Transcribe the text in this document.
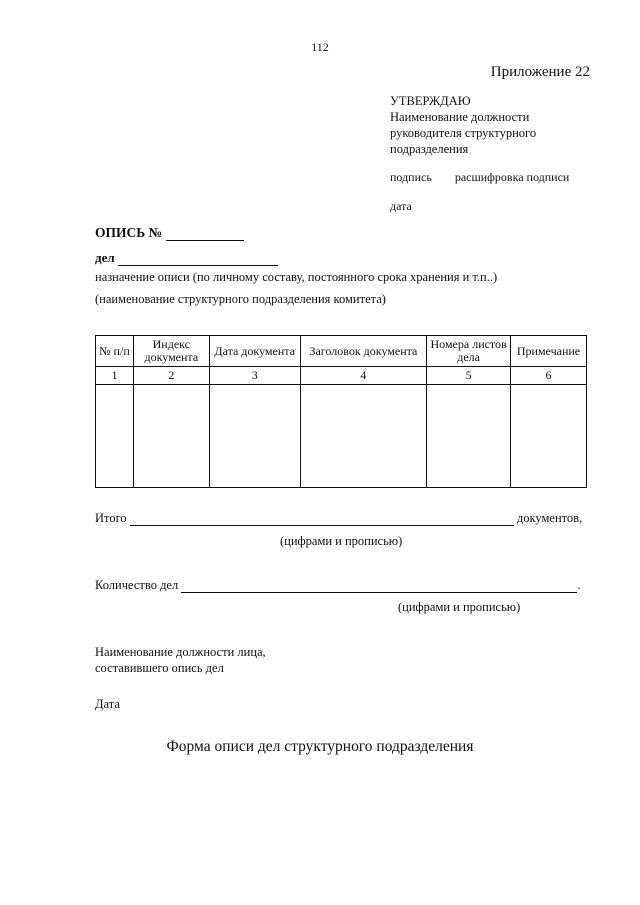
112
Приложение 22
УТВЕРЖДАЮ
Наименование должности
руководителя структурного
подразделения
подпись расшифровка подписи
дата
ОПИСЬ №
дел
назначение описи (по личному составу, постоянного срока хранения и т.п..)
(наименование структурного подразделения комитета)
№ п/п	Индекс документа	Дата документа	Заголовок документа	Номера листов дела	Примечание
1	2	3	4	5	6

Итого	документов,
(цифрами и прописью)
Количество дел	.
(цифрами и прописью)
Наименование должности лица,
составившего опись дел
Дата
Форма описи дел структурного подразделения
